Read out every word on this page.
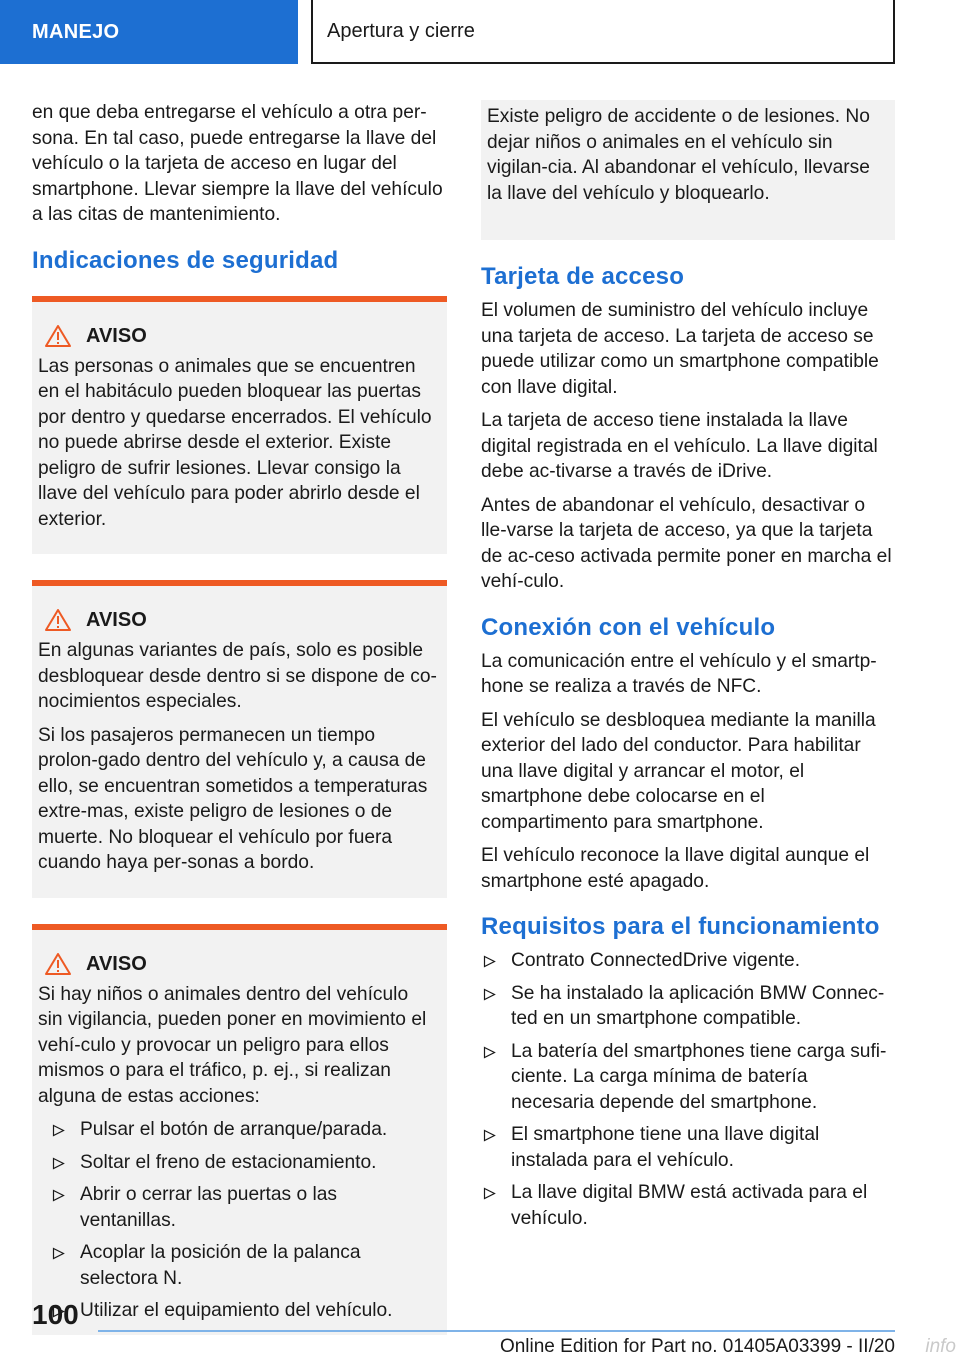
MANEJO	Apertura y cierre

en que deba entregarse el vehículo a otra per-sona. En tal caso, puede entregarse la llave del vehículo o la tarjeta de acceso en lugar del smartphone. Llevar siempre la llave del vehículo a las citas de mantenimiento.

Indicaciones de seguridad
AVISO

Las personas o animales que se encuentren en el habitáculo pueden bloquear las puertas por dentro y quedarse encerrados. El vehículo no puede abrirse desde el exterior. Existe peligro de sufrir lesiones. Llevar consigo la llave del vehículo para poder abrirlo desde el exterior.

AVISO

En algunas variantes de país, solo es posible desbloquear desde dentro si se dispone de co-nocimientos especiales.

Si los pasajeros permanecen un tiempo prolon-gado dentro del vehículo y, a causa de ello, se encuentran sometidos a temperaturas extre-mas, existe peligro de lesiones o de muerte. No bloquear el vehículo por fuera cuando haya per-sonas a bordo.

AVISO

Si hay niños o animales dentro del vehículo sin vigilancia, pueden poner en movimiento el vehí-culo y provocar un peligro para ellos mismos o para el tráfico, p. ej., si realizan alguna de estas acciones:

Pulsar el botón de arranque/parada.
Soltar el freno de estacionamiento.
Abrir o cerrar las puertas o las ventanillas.
Acoplar la posición de la palanca selectora N.
Utilizar el equipamiento del vehículo.

Existe peligro de accidente o de lesiones. No dejar niños o animales en el vehículo sin vigilan-cia. Al abandonar el vehículo, llevarse la llave del vehículo y bloquearlo.

Tarjeta de acceso

El volumen de suministro del vehículo incluye una tarjeta de acceso. La tarjeta de acceso se puede utilizar como un smartphone compatible con llave digital.

La tarjeta de acceso tiene instalada la llave digital registrada en el vehículo. La llave digital debe ac-tivarse a través de iDrive.

Antes de abandonar el vehículo, desactivar o lle-varse la tarjeta de acceso, ya que la tarjeta de ac-ceso activada permite poner en marcha el vehí-culo.

Conexión con el vehículo

La comunicación entre el vehículo y el smartp-hone se realiza a través de NFC.

El vehículo se desbloquea mediante la manilla exterior del lado del conductor. Para habilitar una llave digital y arrancar el motor, el smartphone debe colocarse en el compartimento para smartphone.

El vehículo reconoce la llave digital aunque el smartphone esté apagado.

Requisitos para el funcionamiento
Contrato ConnectedDrive vigente.
Se ha instalado la aplicación BMW Connec-ted en un smartphone compatible.
La batería del smartphones tiene carga sufi-ciente. La carga mínima de batería necesaria depende del smartphone.
El smartphone tiene una llave digital instalada para el vehículo.
La llave digital BMW está activada para el vehículo.
100
Online Edition for Part no. 01405A03399 - II/20 info
